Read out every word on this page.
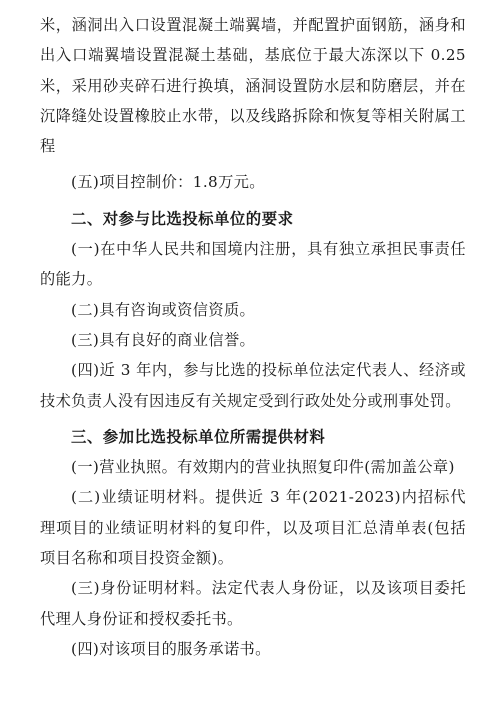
米，涵洞出入口设置混凝土端翼墙，并配置护面钢筋，涵身和出入口端翼墙设置混凝土基础，基底位于最大冻深以下 0.25米，采用砂夹碎石进行换填，涵洞设置防水层和防磨层，并在沉降缝处设置橡胶止水带，以及线路拆除和恢复等相关附属工程

(五)项目控制价：1.8万元。

二、对参与比选投标单位的要求

(一)在中华人民共和国境内注册，具有独立承担民事责任的能力。

(二)具有咨询或资信资质。

(三)具有良好的商业信誉。

(四)近 3 年内，参与比选的投标单位法定代表人、经济或技术负责人没有因违反有关规定受到行政处处分或刑事处罚。

三、参加比选投标单位所需提供材料

(一)营业执照。有效期内的营业执照复印件(需加盖公章)

(二)业绩证明材料。提供近 3 年(2021-2023)内招标代理项目的业绩证明材料的复印件，以及项目汇总清单表(包括项目名称和项目投资金额)。

(三)身份证明材料。法定代表人身份证，以及该项目委托代理人身份证和授权委托书。

(四)对该项目的服务承诺书。
